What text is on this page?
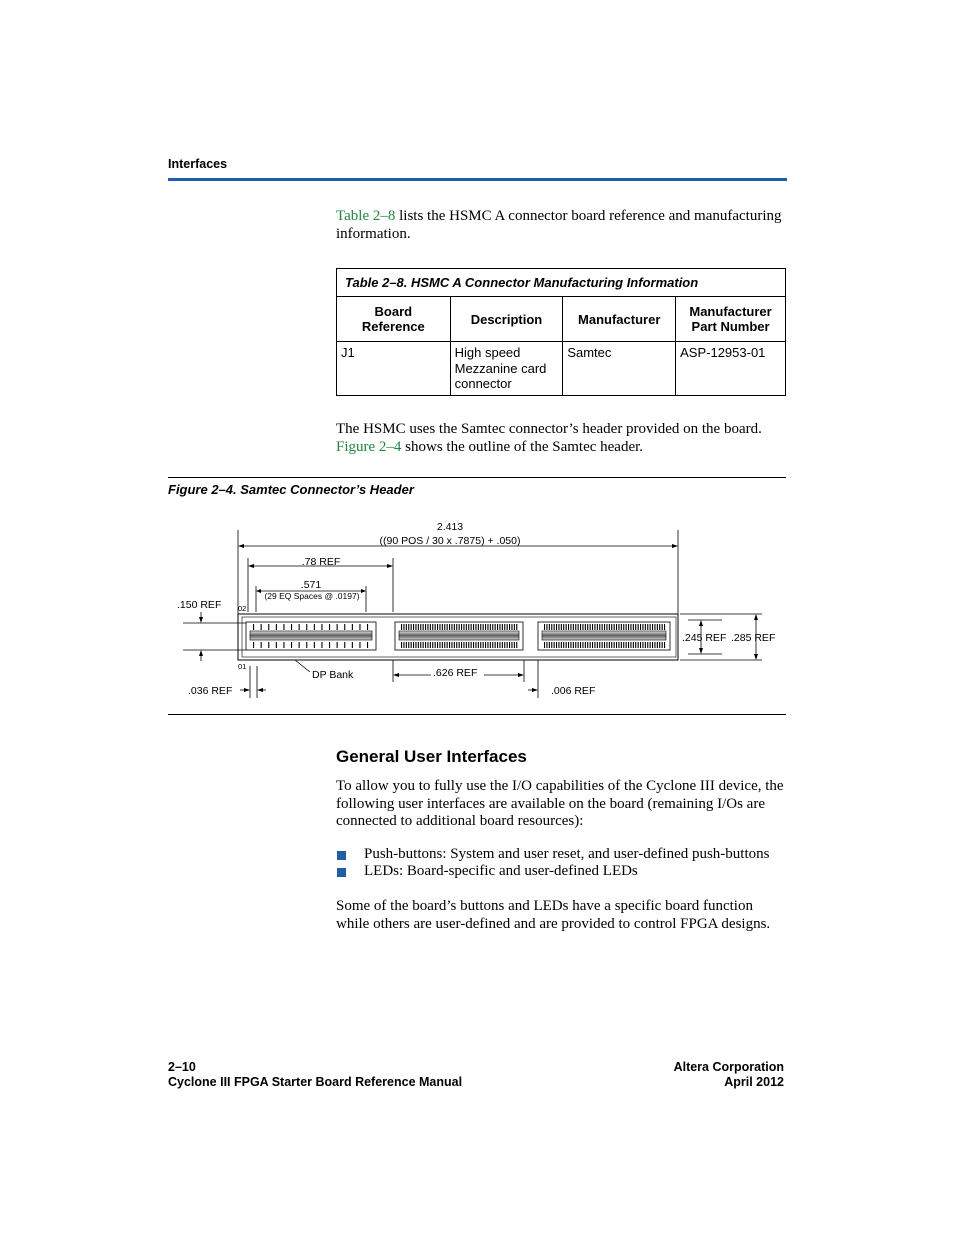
Interfaces
Table 2–8 lists the HSMC A connector board reference and manufacturing information.
Table 2–8. HSMC A Connector Manufacturing Information			
Board Reference	Description	Manufacturer	Manufacturer Part Number
J1	High speed Mezzanine card connector	Samtec	ASP-12953-01
The HSMC uses the Samtec connector’s header provided on the board. Figure 2–4 shows the outline of the Samtec header.
Figure 2–4. Samtec Connector’s Header
2.413
((90 POS / 30 x .7875) + .050)
.78 REF
.571
(29 EQ Spaces @ .0197)
.150 REF 02
01
.245 REF .285 REF
.036 REF
DP Bank	.626 REF
.006 REF
General User Interfaces
To allow you to fully use the I/O capabilities of the Cyclone III device, the following user interfaces are available on the board (remaining I/Os are connected to additional board resources):
Push-buttons: System and user reset, and user-defined push-buttons
LEDs: Board-specific and user-defined LEDs
Some of the board’s buttons and LEDs have a specific board function while others are user-defined and are provided to control FPGA designs.
2–10
Cyclone III FPGA Starter Board Reference Manual
Altera Corporation
April 2012
